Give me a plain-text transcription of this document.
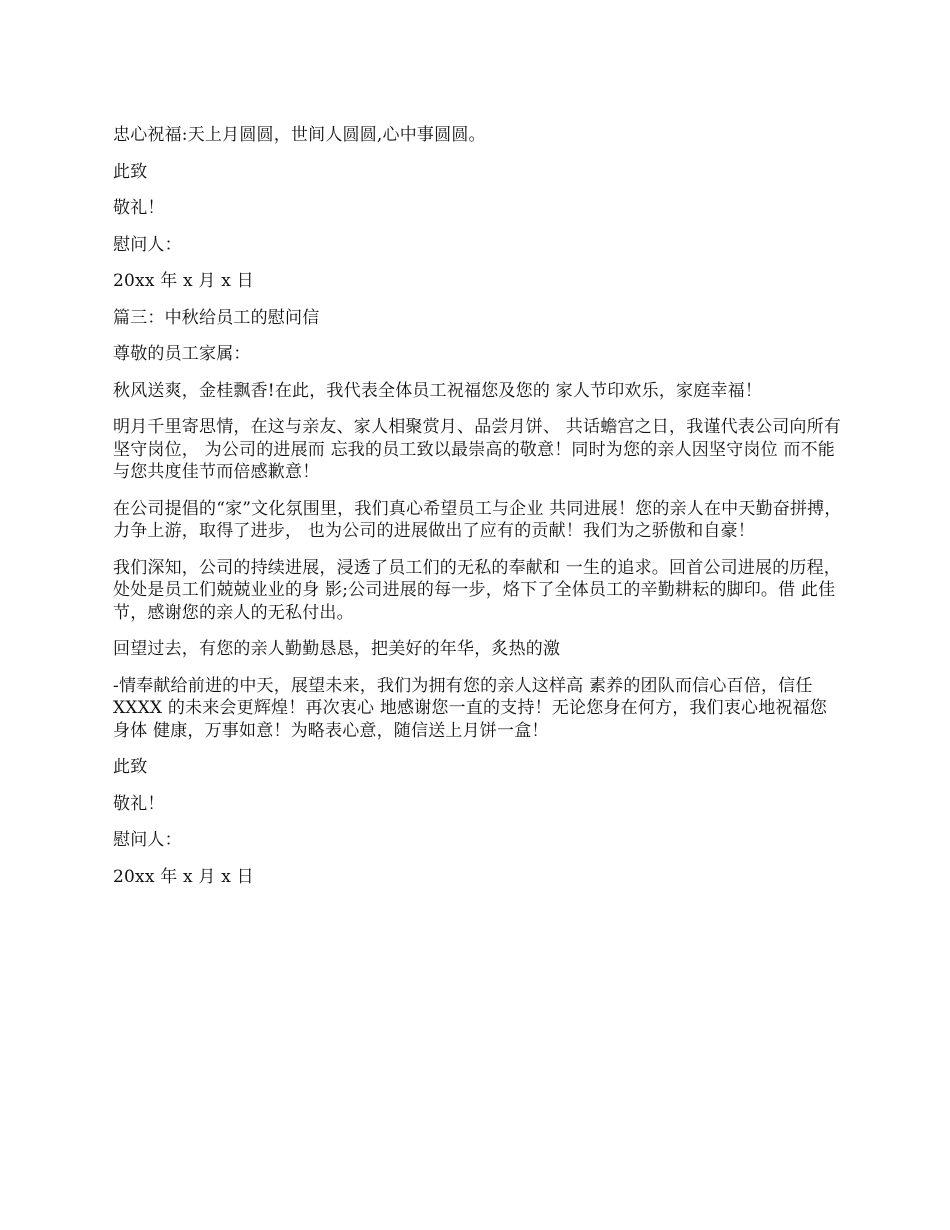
忠心祝福:天上月圆圆，世间人圆圆,心中事圆圆。

此致

敬礼！

慰问人：

20xx 年 x 月 x 日

篇三：中秋给员工的慰问信

尊敬的员工家属：

秋风送爽，金桂飘香!在此，我代表全体员工祝福您及您的 家人节印欢乐，家庭幸福！

明月千里寄思情，在这与亲友、家人相聚赏月、品尝月饼、 共话蟾宫之日，我谨代表公司向所有坚守岗位， 为公司的进展而 忘我的员工致以最崇高的敬意！同时为您的亲人因坚守岗位 而不能与您共度佳节而倍感歉意！

在公司提倡的“家”文化氛围里，我们真心希望员工与企业 共同进展！您的亲人在中天勤奋拼搏，力争上游，取得了进步， 也为公司的进展做出了应有的贡献！我们为之骄傲和自豪！

我们深知，公司的持续进展，浸透了员工们的无私的奉献和 一生的追求。回首公司进展的历程，处处是员工们兢兢业业的身 影;公司进展的每一步，烙下了全体员工的辛勤耕耘的脚印。借 此佳节，感谢您的亲人的无私付出。

回望过去，有您的亲人勤勤恳恳，把美好的年华，炙热的激

-情奉献给前进的中天，展望未来，我们为拥有您的亲人这样高 素养的团队而信心百倍，信任 XXXX 的未来会更辉煌！再次衷心 地感谢您一直的支持！无论您身在何方，我们衷心地祝福您身体 健康，万事如意！为略表心意，随信送上月饼一盒！

此致

敬礼！

慰问人：

20xx 年 x 月 x 日
